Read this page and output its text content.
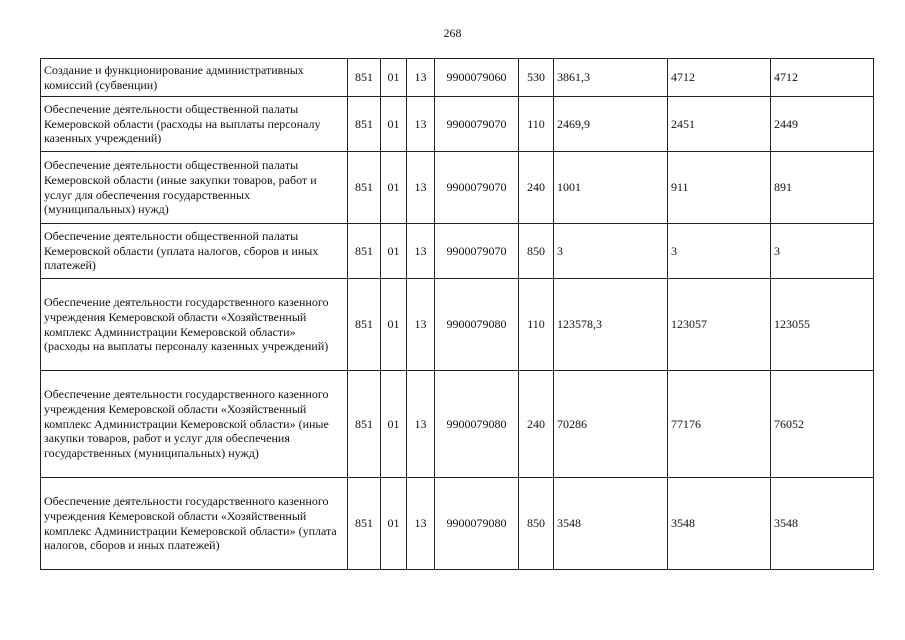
268
Создание и функционирование административных комиссий (субвенции)	851	01	13	9900079060	530	3861,3	4712	4712
Обеспечение деятельности общественной палаты Кемеровской области (расходы на выплаты персоналу казенных учреждений)	851	01	13	9900079070	110	2469,9	2451	2449
Обеспечение деятельности общественной палаты Кемеровской области (иные закупки товаров, работ и услуг для обеспечения государственных (муниципальных) нужд)	851	01	13	9900079070	240	1001	911	891
Обеспечение деятельности общественной палаты Кемеровской области (уплата налогов, сборов и иных платежей)	851	01	13	9900079070	850	3	3	3
Обеспечение деятельности государственного казенного учреждения Кемеровской области «Хозяйственный комплекс Администрации Кемеровской области» (расходы на выплаты персоналу казенных учреждений)	851	01	13	9900079080	110	123578,3	123057	123055
Обеспечение деятельности государственного казенного учреждения Кемеровской области «Хозяйственный комплекс Администрации Кемеровской области» (иные закупки товаров, работ и услуг для обеспечения государственных (муниципальных) нужд)	851	01	13	9900079080	240	70286	77176	76052
Обеспечение деятельности государственного казенного учреждения Кемеровской области «Хозяйственный комплекс Администрации Кемеровской области» (уплата налогов, сборов и иных платежей)	851	01	13	9900079080	850	3548	3548	3548
